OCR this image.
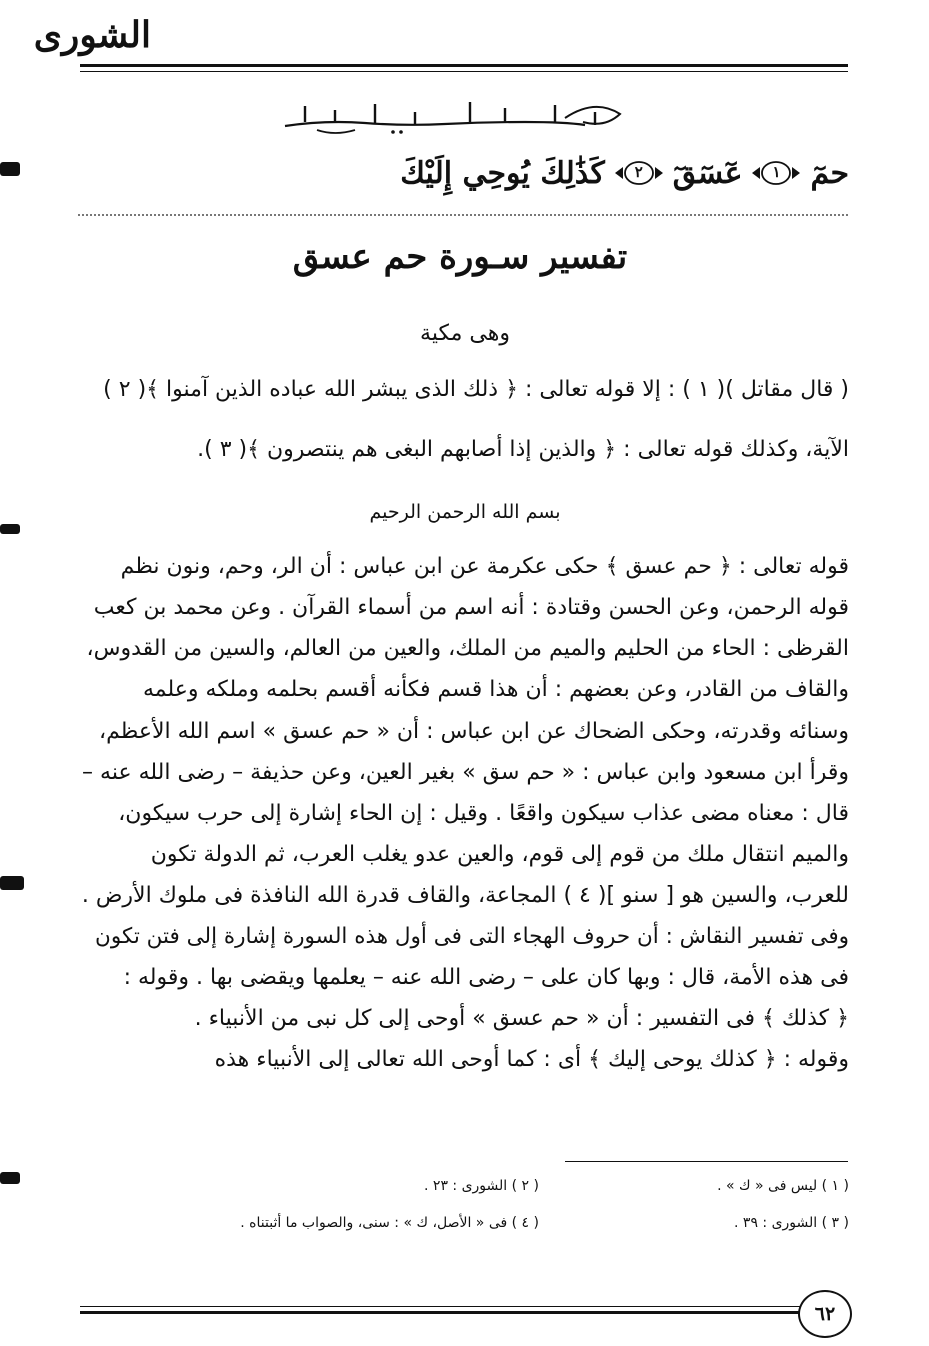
الشورى
حمٓ
١
عٓسٓقٓ
٢
كَذَٰلِكَ يُوحِي إِلَيْكَ
تفسير سـورة حم عسق
وهى مكية
( قال مقاتل )( ١ ) : إلا قوله تعالى : ﴿ ذلك الذى يبشر الله عباده الذين آمنوا ﴾( ٢ )
الآية، وكذلك قوله تعالى : ﴿ والذين إذا أصابهم البغى هم ينتصرون ﴾( ٣ ).
بسم الله الرحمن الرحيم
قوله تعالى : ﴿ حم عسق ﴾ حكى عكرمة عن ابن عباس : أن الر، وحم، ونون نظم
قوله الرحمن، وعن الحسن وقتادة : أنه اسم من أسماء القرآن . وعن محمد بن كعب
القرظى : الحاء من الحليم والميم من الملك، والعين من العالم، والسين من القدوس،
والقاف من القادر، وعن بعضهم : أن هذا قسم فكأنه أقسم بحلمه وملكه وعلمه
وسنائه وقدرته، وحكى الضحاك عن ابن عباس : أن « حم عسق » اسم الله الأعظم،
وقرأ ابن مسعود وابن عباس : « حم سق » بغير العين، وعن حذيفة – رضى الله عنه –
قال : معناه مضى عذاب سيكون واقعًا . وقيل : إن الحاء إشارة إلى حرب سيكون،
والميم انتقال ملك من قوم إلى قوم، والعين عدو يغلب العرب، ثم الدولة تكون
للعرب، والسين هو [ سنو ]( ٤ ) المجاعة، والقاف قدرة الله النافذة فى ملوك الأرض .
وفى تفسير النقاش : أن حروف الهجاء التى فى أول هذه السورة إشارة إلى فتن تكون
فى هذه الأمة، قال : وبها كان على – رضى الله عنه – يعلمها ويقضى بها . وقوله :
﴿ كذلك ﴾ فى التفسير : أن « حم عسق » أوحى إلى كل نبى من الأنبياء .
وقوله : ﴿ كذلك يوحى إليك ﴾ أى : كما أوحى الله تعالى إلى الأنبياء هذه
( ١ ) ليس فى « ك » .
( ٢ ) الشورى : ٢٣ .
( ٣ ) الشورى : ٣٩ .
( ٤ ) فى « الأصل، ك » : سنى، والصواب ما أثبتناه .
٦٢
